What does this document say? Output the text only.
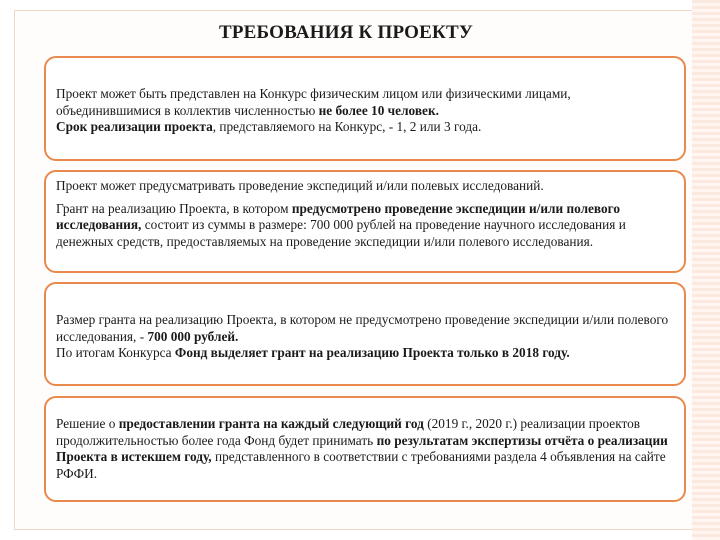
ТРЕБОВАНИЯ К ПРОЕКТУ

Проект может быть представлен на Конкурс физическим лицом или физическими лицами, объединившимися в коллектив численностью не более 10 человек.
Срок реализации проекта, представляемого на Конкурс, - 1, 2 или 3 года.

Проект может предусматривать проведение экспедиций и/или полевых исследований.

Грант на реализацию Проекта, в котором предусмотрено проведение экспедиции и/или полевого исследования, состоит из суммы в размере: 700 000 рублей на проведение научного исследования и денежных средств, предоставляемых на проведение экспедиции и/или полевого исследования.

Размер гранта на реализацию Проекта, в котором не предусмотрено проведение экспедиции и/или полевого исследования, - 700 000 рублей.
По итогам Конкурса Фонд выделяет грант на реализацию Проекта только в 2018 году.

Решение о предоставлении гранта на каждый следующий год (2019 г., 2020 г.) реализации проектов продолжительностью более года Фонд будет принимать по результатам экспертизы отчёта о реализации Проекта в истекшем году, представленного в соответствии с требованиями раздела 4 объявления на сайте РФФИ.
